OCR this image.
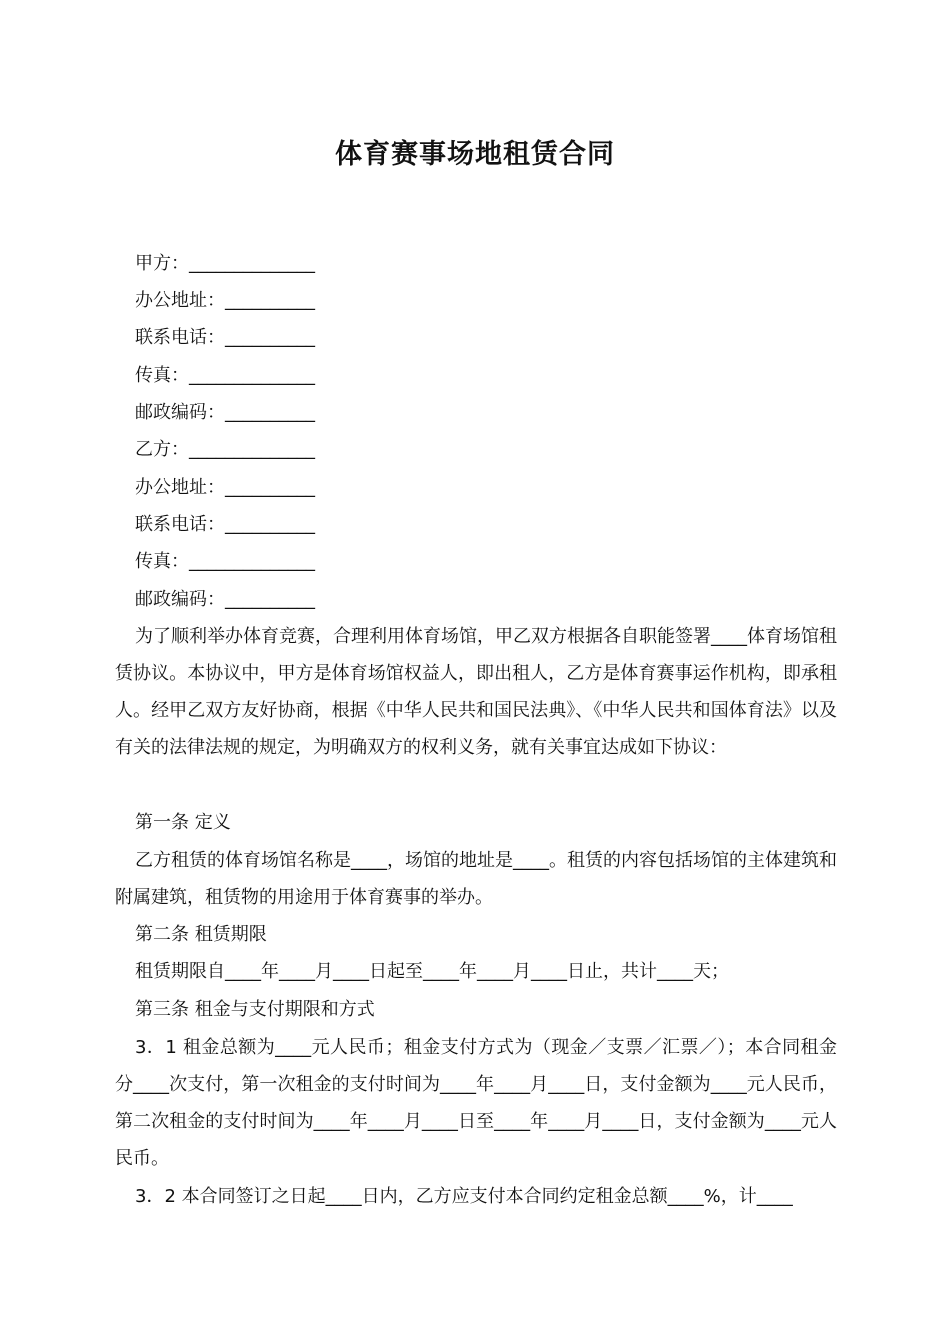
体育赛事场地租赁合同
甲方：______________
办公地址：__________
联系电话：__________
传真：______________
邮政编码：__________
乙方：______________
办公地址：__________
联系电话：__________
传真：______________
邮政编码：__________
为了顺利举办体育竞赛，合理利用体育场馆，甲乙双方根据各自职能签署____体育场馆租赁协议。本协议中，甲方是体育场馆权益人，即出租人，乙方是体育赛事运作机构，即承租人。经甲乙双方友好协商，根据《中华人民共和国民法典》、《中华人民共和国体育法》以及有关的法律法规的规定，为明确双方的权利义务，就有关事宜达成如下协议：
第一条 定义
乙方租赁的体育场馆名称是____，场馆的地址是____。租赁的内容包括场馆的主体建筑和附属建筑，租赁物的用途用于体育赛事的举办。
第二条 租赁期限
租赁期限自____年____月____日起至____年____月____日止，共计____天；
第三条 租金与支付期限和方式
3．1 租金总额为____元人民币；租金支付方式为（现金／支票／汇票／）；本合同租金分____次支付，第一次租金的支付时间为____年____月____日，支付金额为____元人民币，第二次租金的支付时间为____年____月____日至____年____月____日，支付金额为____元人民币。
3．2 本合同签订之日起____日内，乙方应支付本合同约定租金总额____%，计____
